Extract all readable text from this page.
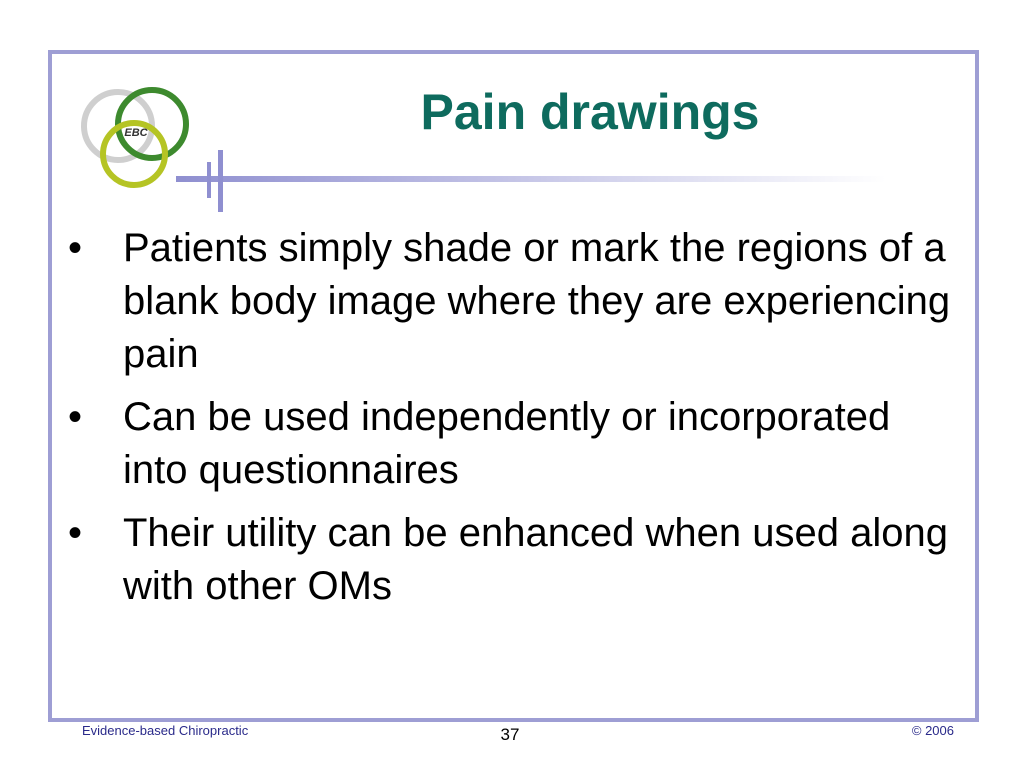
EBC	Pain drawings
• Patients simply shade or mark the regions of a blank body image where they are experiencing pain
• Can be used independently or incorporated into questionnaires
• Their utility can be enhanced when used along with other OMs
Evidence-based Chiropractic	37	© 2006
